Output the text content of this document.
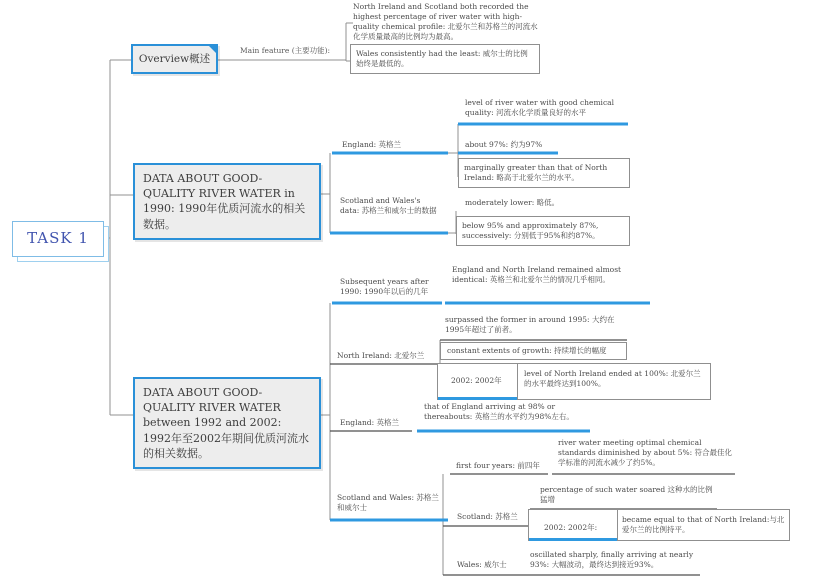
TASK 1
Overview概述
Main feature (主要功能):
North Ireland and Scotland both recorded the highest percentage of river water with high-quality chemical profile: 北爱尔兰和苏格兰的河流水化学质量最高的比例均为最高。
Wales consistently had the least: 威尔士的比例始终是最低的。
DATA ABOUT GOOD-QUALITY RIVER WATER in 1990: 1990年优质河流水的相关数据。
England: 英格兰
level of river water with good chemical quality: 河流水化学质量良好的水平
about 97%: 约为97%
marginally greater than that of North Ireland: 略高于北爱尔兰的水平。
Scotland and Wales's data: 苏格兰和威尔士的数据
moderately lower: 略低。
below 95% and approximately 87%, successively: 分别低于95%和约87%。
DATA ABOUT GOOD-QUALITY RIVER WATER between 1992 and 2002: 1992年至2002年期间优质河流水的相关数据。
Subsequent years after 1990: 1990年以后的几年
England and North Ireland remained almost identical: 英格兰和北爱尔兰的情况几乎相同。
North Ireland: 北爱尔兰
surpassed the former in around 1995: 大约在1995年超过了前者。
constant extents of growth: 持续增长的幅度
2002: 2002年
level of North Ireland ended at 100%: 北爱尔兰的水平最终达到100%。
England: 英格兰
that of England arriving at 98% or thereabouts: 英格兰的水平约为98%左右。
Scotland and Wales: 苏格兰和威尔士
first four years: 前四年
river water meeting optimal chemical standards diminished by about 5%: 符合最佳化学标准的河流水减少了约5%。
Scotland: 苏格兰
percentage of such water soared 这种水的比例猛增
2002: 2002年:
became equal to that of North Ireland:与北爱尔兰的比例持平。
Wales: 威尔士
oscillated sharply, finally arriving at nearly 93%: 大幅波动，最终达到接近93%。
